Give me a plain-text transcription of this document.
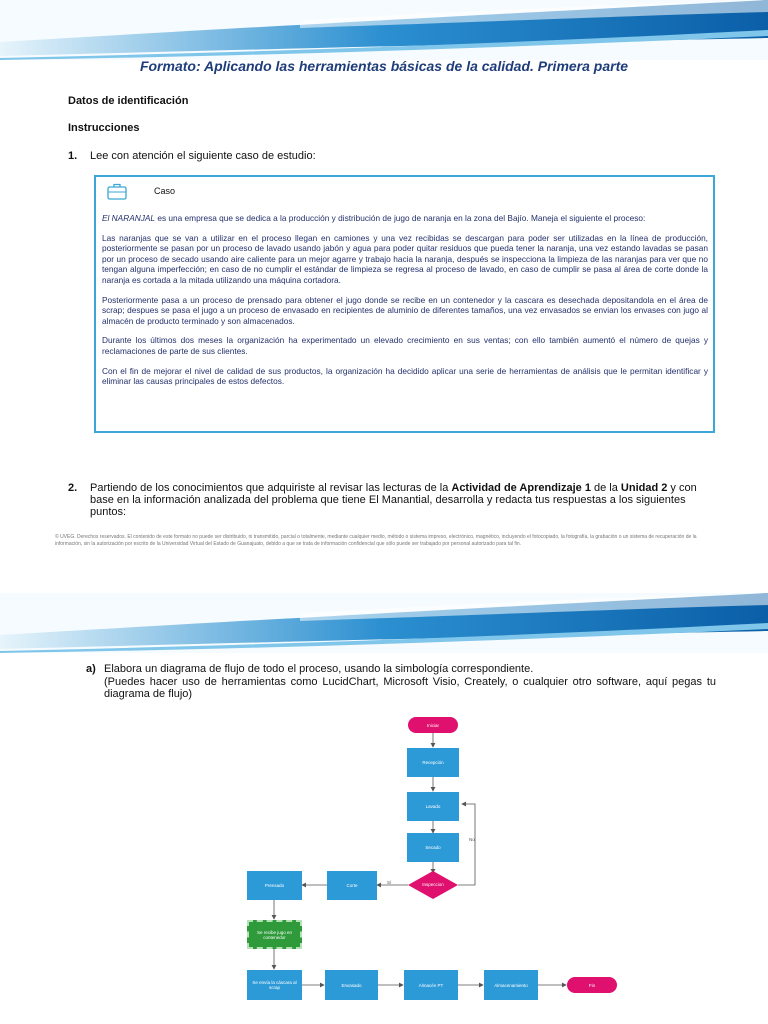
Formato: Aplicando las herramientas básicas de la calidad. Primera parte
Datos de identificación
Instrucciones
1. Lee con atención el siguiente caso de estudio:
Caso

El NARANJAL es una empresa que se dedica a la producción y distribución de jugo de naranja en la zona del Bajío. Maneja el siguiente el proceso:

Las naranjas que se van a utilizar en el proceso llegan en camiones y una vez recibidas se descargan para poder ser utilizadas en la línea de producción, posteriormente se pasan por un proceso de lavado usando jabón y agua para poder quitar residuos que pueda tener la naranja, una vez estando lavadas se pasan por un proceso de secado usando aire caliente para un mejor agarre y trabajo hacia la naranja, después se inspecciona la limpieza de las naranjas para ver que no tengan alguna imperfección; en caso de no cumplir el estándar de limpieza se regresa al proceso de lavado, en caso de cumplir se pasa al área de corte donde la naranja es cortada a la mitada utilizando una máquina cortadora.

Posteriormente pasa a un proceso de prensado para obtener el jugo donde se recibe en un contenedor y la cascara es desechada depositandola en el área de scrap; despues se pasa el jugo a un proceso de envasado en recipientes de aluminio de diferentes tamaños, una vez envasados se envian los envases con jugo al almacén de producto terminado y son almacenados.

Durante los últimos dos meses la organización ha experimentado un elevado crecimiento en sus ventas; con ello también aumentó el número de quejas y reclamaciones de parte de sus clientes.

Con el fin de mejorar el nivel de calidad de sus productos, la organización ha decidido aplicar una serie de herramientas de análisis que le permitan identificar y eliminar las causas principales de estos defectos.

2. Partiendo de los conocimientos que adquiriste al revisar las lecturas de la Actividad de Aprendizaje 1 de la Unidad 2 y con base en la información analizada del problema que tiene El Manantial, desarrolla y redacta tus respuestas a los siguientes puntos:
© UVEG. Derechos reservados. El contenido de este formato no puede ser distribuido, ni transmitido, parcial o totalmente, mediante cualquier medio, método o sistema impreso, electrónico, magnético, incluyendo el fotocopiado, la fotografía, la grabación o un sistema de recuperación de la información, sin la autorización por escrito de la Universidad Virtual del Estado de Guanajuato, debido a que se trata de información confidencial que sólo puede ser trabajado por personal autorizado para tal fin.
a) Elabora un diagrama de flujo de todo el proceso, usando la simbología correspondiente.
(Puedes hacer uso de herramientas como LucidChart, Microsoft Visio, Creately, o cualquier otro software, aquí pegas tu diagrama de flujo)
Iniciar
Recepción
Lavado
Secado
Inspeccion
No
Sí
Corte
Prensado
Se recibe jugo en contenedor
Se envía la cáscara al scrap	Envasado	Almacén PT	Almacenamiento	Fin
